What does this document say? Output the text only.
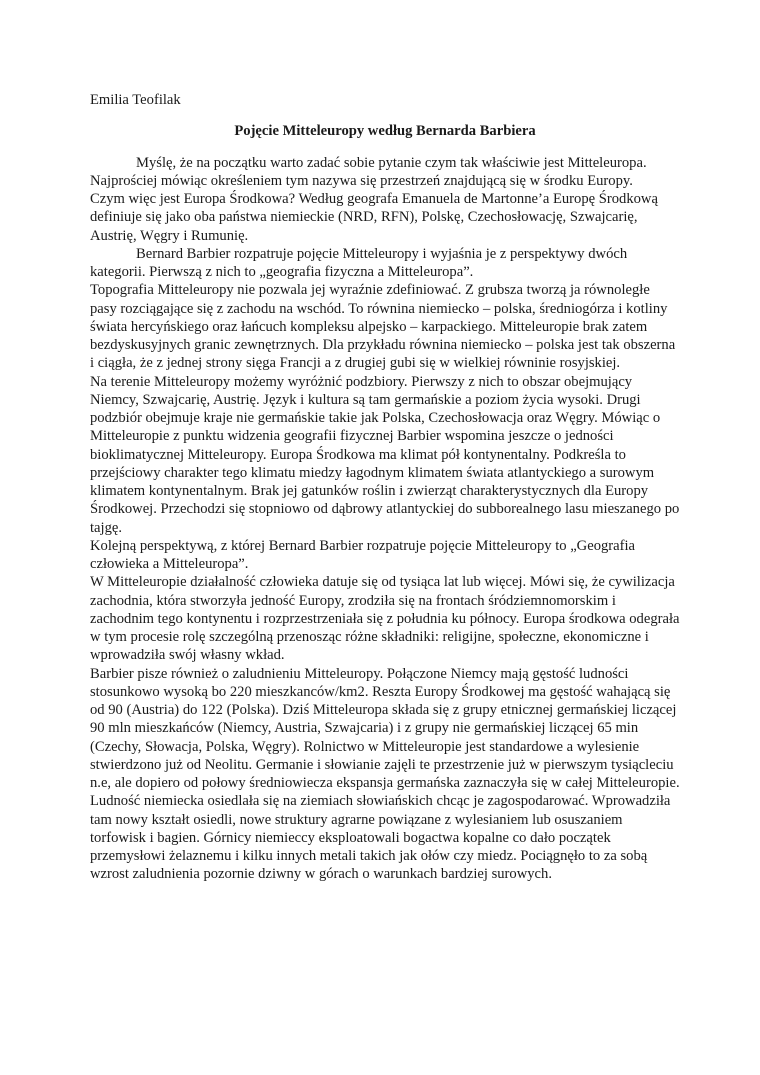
Emilia Teofilak

Pojęcie Mitteleuropy według Bernarda Barbiera

Myślę, że na początku warto zadać sobie pytanie czym tak właściwie jest Mitteleuropa. Najprościej mówiąc określeniem tym nazywa się przestrzeń znajdującą się w środku Europy.

Czym więc jest Europa Środkowa? Według geografa Emanuela de Martonne’a Europę Środkową definiuje się jako oba państwa niemieckie (NRD, RFN), Polskę, Czechosłowację, Szwajcarię, Austrię, Węgry i Rumunię.

Bernard Barbier rozpatruje pojęcie Mitteleuropy i wyjaśnia je z perspektywy dwóch kategorii. Pierwszą z nich to „geografia fizyczna a Mitteleuropa”.

Topografia Mitteleuropy nie pozwala jej wyraźnie zdefiniować. Z grubsza tworzą ja równoległe pasy rozciągające się z zachodu na wschód. To równina niemiecko – polska, średniogórza i kotliny świata hercyńskiego oraz łańcuch kompleksu alpejsko – karpackiego. Mitteleuropie brak zatem bezdyskusyjnych granic zewnętrznych. Dla przykładu równina niemiecko – polska jest tak obszerna i ciągła, że z jednej strony sięga Francji a z drugiej gubi się w wielkiej równinie rosyjskiej.

Na terenie Mitteleuropy możemy wyróżnić podzbiory. Pierwszy z nich to obszar obejmujący Niemcy, Szwajcarię, Austrię. Język i kultura są tam germańskie a poziom życia wysoki. Drugi podzbiór obejmuje kraje nie germańskie takie jak Polska, Czechosłowacja oraz Węgry. Mówiąc o Mitteleuropie z punktu widzenia geografii fizycznej Barbier wspomina jeszcze o jedności bioklimatycznej Mitteleuropy. Europa Środkowa ma klimat pół kontynentalny. Podkreśla to przejściowy charakter tego klimatu miedzy łagodnym klimatem świata atlantyckiego a surowym klimatem kontynentalnym. Brak jej gatunków roślin i zwierząt charakterystycznych dla Europy Środkowej. Przechodzi się stopniowo od dąbrowy atlantyckiej do subborealnego lasu mieszanego po tajgę.

Kolejną perspektywą, z której Bernard Barbier rozpatruje pojęcie Mitteleuropy to „Geografia człowieka a Mitteleuropa”.

W Mitteleuropie działalność człowieka datuje się od tysiąca lat lub więcej. Mówi się, że cywilizacja zachodnia, która stworzyła jedność Europy, zrodziła się na frontach śródziemnomorskim i zachodnim tego kontynentu i rozprzestrzeniała się z południa ku północy. Europa środkowa odegrała w tym procesie rolę szczególną przenosząc różne składniki: religijne, społeczne, ekonomiczne i wprowadziła swój własny wkład.

Barbier pisze również o zaludnieniu Mitteleuropy. Połączone Niemcy mają gęstość ludności stosunkowo wysoką bo 220 mieszkanców/km2. Reszta Europy Środkowej ma gęstość wahającą się od 90 (Austria) do 122 (Polska). Dziś Mitteleuropa składa się z grupy etnicznej germańskiej liczącej 90 mln mieszkańców (Niemcy, Austria, Szwajcaria) i z grupy nie germańskiej liczącej 65 min (Czechy, Słowacja, Polska, Węgry). Rolnictwo w Mitteleuropie jest standardowe a wylesienie stwierdzono już od Neolitu. Germanie i słowianie zajęli te przestrzenie już w pierwszym tysiącleciu n.e, ale dopiero od połowy średniowiecza ekspansja germańska zaznaczyła się w całej Mitteleuropie. Ludność niemiecka osiedlała się na ziemiach słowiańskich chcąc je zagospodarować. Wprowadziła tam nowy kształt osiedli, nowe struktury agrarne powiązane z wylesianiem lub osuszaniem torfowisk i bagien. Górnicy niemieccy eksploatowali bogactwa kopalne co dało początek przemysłowi żelaznemu i kilku innych metali takich jak ołów czy miedz. Pociągnęło to za sobą wzrost zaludnienia pozornie dziwny w górach o warunkach bardziej surowych.
